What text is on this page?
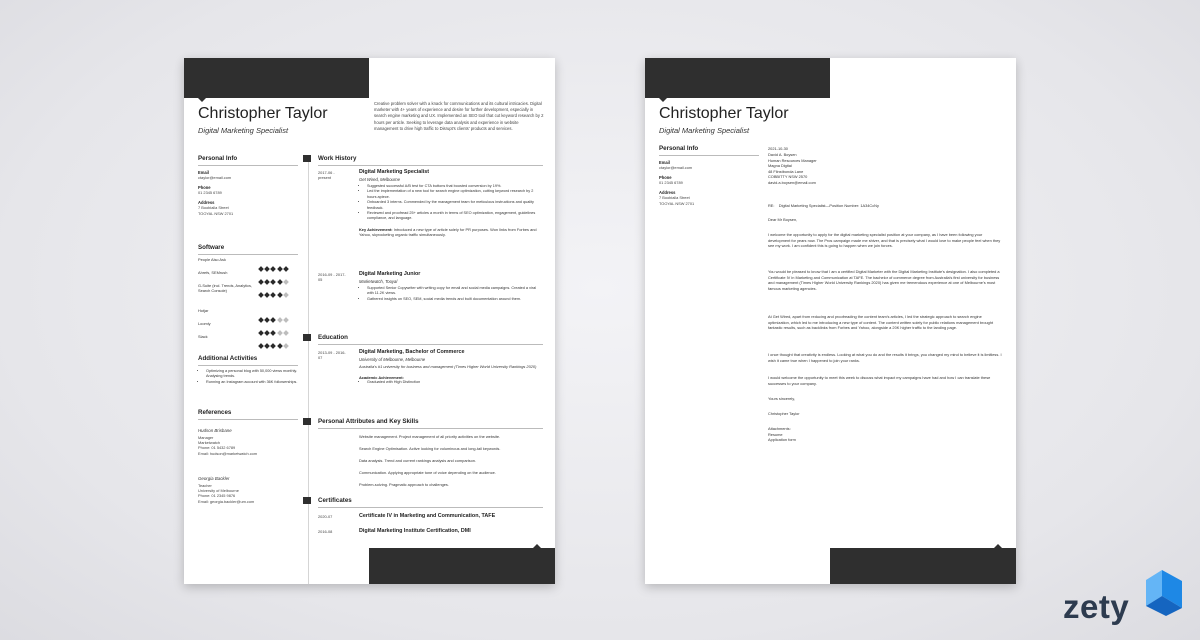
Christopher Taylor
Digital Marketing Specialist
Creative problem solver with a knack for communications and its cultural intricacies. Digital marketer with 4+ years of experience and desire for further development, especially in search engine marketing and UX. Implemented an SEO tool that cut keyword research by 2 hours per article. Seeking to leverage data analysis and experience in website management to drive high traffic to Disrupt's clients' products and services.
Personal Info
Email
ctaylor@email.com
Phone
01 2345 6789
Address
7 Boobialla Street
TOOYAL NSW 2701
Software
People Also Ask
Ahrefs, SEMrush
G-Suite (incl. Trends, Analytics, Search Console)
Hotjar
Loomly
Slack
Additional Activities
• Optimizing a personal blog with 50,000 views monthly. Analysing trends.
• Running an Instagram account with 36K followerships.
References
Hudson Brisbane
Manager
Marketwatch
Phone: 01 5432 6789
Email: hudson@marketwatch.com
Georgia Backler
Teacher
University of Melbourne
Phone: 01 2345 9876
Email: georgia.backler@um.com
Work History
2017-06 - present
Digital Marketing Specialist
Get Wired, Melbourne
• Suggested successful A/B test for CTA buttons that boosted conversion by 19%.
• Led the implementation of a new tool for search engine optimization, cutting keyword research by 2 hours apiece.
• Onboarded 3 interns. Commended by the management team for meticulous instructions and quality feedback.
• Reviewed and proofread 25+ articles a month in terms of SEO optimization, engagement, guidelines compliance, and language.
Key Achievement: Introduced a new type of article solely for PR purposes. Won links from Forbes and Yahoo, skyrocketing organic traffic simultaneously.
2016-09 - 2017-05
Digital Marketing Junior
Marketwatch, Tooyal
• Supported Senior Copywriter with writing copy for email and social media campaigns. Created a viral with 11.2K views.
• Gathered insights on SEO, SEM, social media trends and built documentation around them.
Education
2013-09 - 2016-07
Digital Marketing, Bachelor of Commerce
University of Melbourne, Melbourne
Australia's #1 university for business and management (Times Higher World University Rankings 2020)
Academic Achievement:
• Graduated with High Distinction
Personal Attributes and Key Skills
Website management. Project management of all priority activities on the website.
Search Engine Optimisation. Active looking for voluminous and long-tail keywords.
Data analysis. Trend and current rankings analysis and comparison.
Communication. Applying appropriate tone of voice depending on the audience.
Problem-solving. Pragmatic approach to challenges.
Certificates
2020-07	Certificate IV in Marketing and Communication, TAFE
2016-08	Digital Marketing Institute Certification, DMI
Christopher Taylor
Digital Marketing Specialist
Personal Info
Email
ctaylor@email.com
Phone
01 2345 6789
Address
7 Boobialla Street
TOOYAL NSW 2701
2021-10-30
David A. Boysen
Human Resources Manager
Magna Digital
48 Flinstbonda Lane
COBBITTY NSW 2570
david.a.boysen@email.com
RE:    Digital Marketing Specialist—Position Number: 1A34CcNy
Dear Mr Boysen,
I welcome the opportunity to apply for the digital marketing specialist position at your company, as I have been following your development for years now. The Pros campaign made me shiver, and that is precisely what I would love to make people feel when they see my work. I am confident this is going to happen when we join forces.
You would be pleased to know that I am a certified Digital Marketer with the Digital Marketing Institute's designation. I also completed a Certificate IV in Marketing and Communication at TAFE. The bachelor of commerce degree from Australia's first university for business and management (Times Higher World University Rankings 2020) has given me tremendous experience at one of Melbourne's most famous marketing agencies.
At Get Wired, apart from reducing and proofreading the content team's articles, I led the strategic approach to search engine optimization, which led to me introducing a new type of content. The content written solely for public relations management brought fantastic results, such as backlinks from Forbes and Yahoo, alongside a 20K higher traffic to the landing page.
I once thought that creativity is endless. Looking at what you do and the results it brings, you changed my mind to believe it is limitless. I wish it came true when I happened to join your ranks.
I would welcome the opportunity to meet this week to discuss what impact my campaigns have had and how I can translate these successes to your company.
Yours sincerely,
Christopher Taylor
Attachments:
Resume
Application form
zety
